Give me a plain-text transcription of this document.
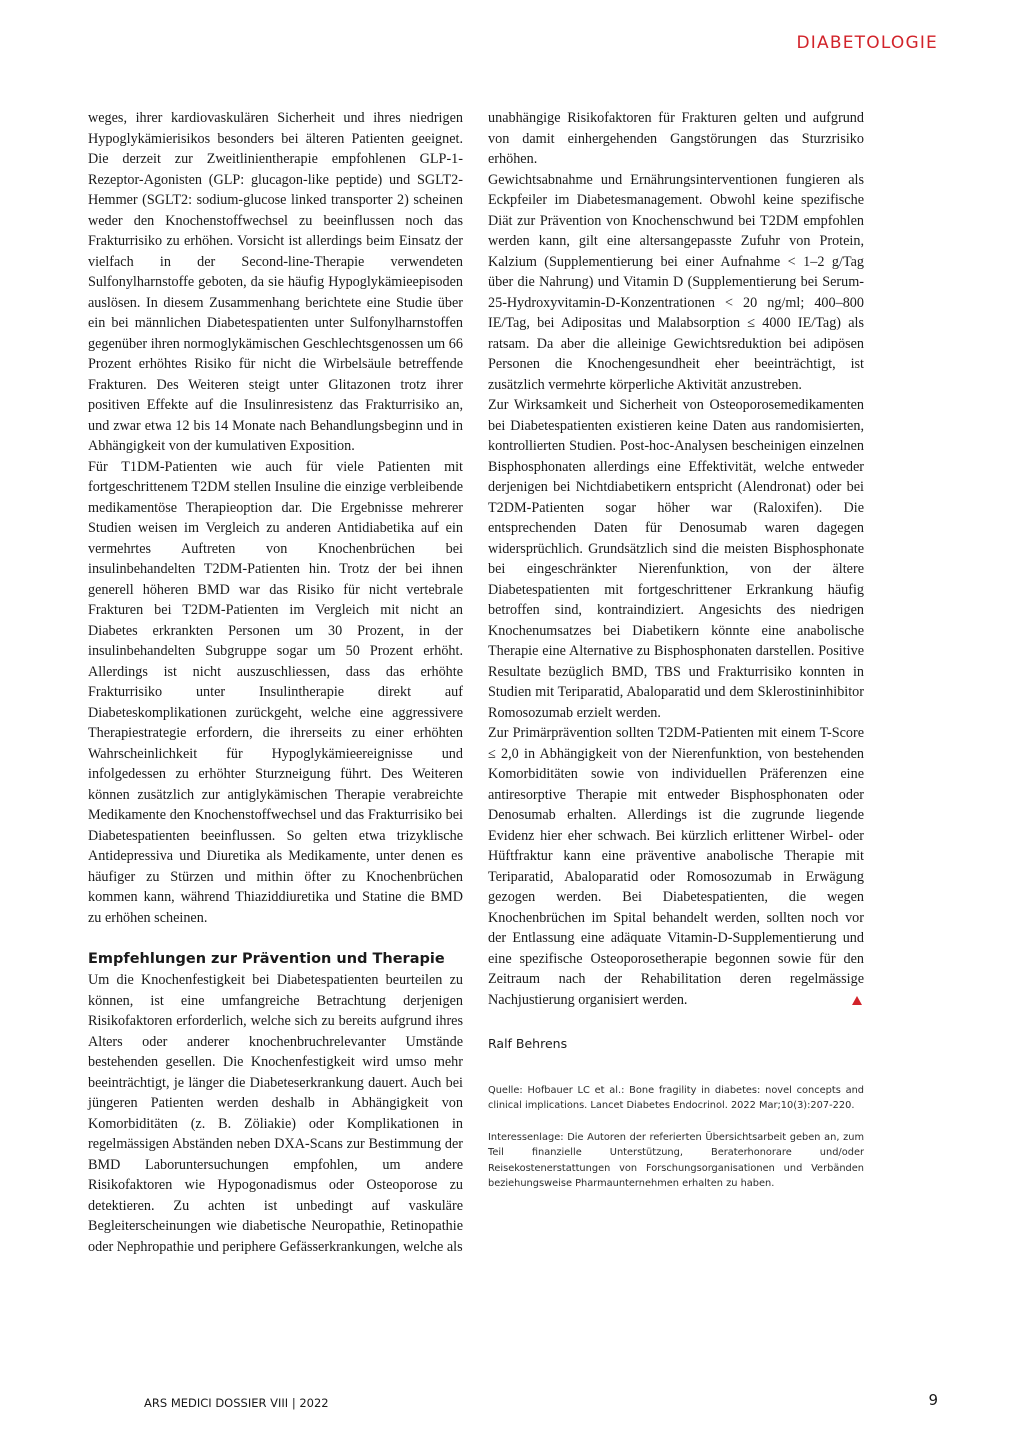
DIABETOLOGIE

weges, ihrer kardiovaskulären Sicherheit und ihres niedrigen Hypoglykämierisikos besonders bei älteren Patienten geeignet. Die derzeit zur Zweitlinientherapie empfohlenen GLP-1-Rezeptor-Agonisten (GLP: glucagon-like peptide) und SGLT2-Hemmer (SGLT2: sodium-glucose linked transporter 2) scheinen weder den Knochenstoffwechsel zu beeinflussen noch das Frakturrisiko zu erhöhen. Vorsicht ist allerdings beim Einsatz der vielfach in der Second-line-Therapie verwendeten Sulfonylharnstoffe geboten, da sie häufig Hypoglykämieepisoden auslösen. In diesem Zusammenhang berichtete eine Studie über ein bei männlichen Diabetespatienten unter Sulfonylharnstoffen gegenüber ihren normoglykämischen Geschlechtsgenossen um 66 Prozent erhöhtes Risiko für nicht die Wirbelsäule betreffende Frakturen. Des Weiteren steigt unter Glitazonen trotz ihrer positiven Effekte auf die Insulinresistenz das Frakturrisiko an, und zwar etwa 12 bis 14 Monate nach Behandlungsbeginn und in Abhängigkeit von der kumulativen Exposition.

Für T1DM-Patienten wie auch für viele Patienten mit fortgeschrittenem T2DM stellen Insuline die einzige verbleibende medikamentöse Therapieoption dar. Die Ergebnisse mehrerer Studien weisen im Vergleich zu anderen Antidiabetika auf ein vermehrtes Auftreten von Knochenbrüchen bei insulinbehandelten T2DM-Patienten hin. Trotz der bei ihnen generell höheren BMD war das Risiko für nicht vertebrale Frakturen bei T2DM-Patienten im Vergleich mit nicht an Diabetes erkrankten Personen um 30 Prozent, in der insulinbehandelten Subgruppe sogar um 50 Prozent erhöht. Allerdings ist nicht auszuschliessen, dass das erhöhte Frakturrisiko unter Insulintherapie direkt auf Diabeteskomplikationen zurückgeht, welche eine aggressivere Therapiestrategie erfordern, die ihrerseits zu einer erhöhten Wahrscheinlichkeit für Hypoglykämieereignisse und infolgedessen zu erhöhter Sturzneigung führt. Des Weiteren können zusätzlich zur antiglykämischen Therapie verabreichte Medikamente den Knochenstoffwechsel und das Frakturrisiko bei Diabetespatienten beeinflussen. So gelten etwa trizyklische Antidepressiva und Diuretika als Medikamente, unter denen es häufiger zu Stürzen und mithin öfter zu Knochenbrüchen kommen kann, während Thiaziddiuretika und Statine die BMD zu erhöhen scheinen.

Empfehlungen zur Prävention und Therapie

Um die Knochenfestigkeit bei Diabetespatienten beurteilen zu können, ist eine umfangreiche Betrachtung derjenigen Risikofaktoren erforderlich, welche sich zu bereits aufgrund ihres Alters oder anderer knochenbruchrelevanter Umstände bestehenden gesellen. Die Knochenfestigkeit wird umso mehr beeinträchtigt, je länger die Diabeteserkrankung dauert. Auch bei jüngeren Patienten werden deshalb in Abhängigkeit von Komorbiditäten (z. B. Zöliakie) oder Komplikationen in regelmässigen Abständen neben DXA-Scans zur Bestimmung der BMD Laboruntersuchungen empfohlen, um andere Risikofaktoren wie Hypogonadismus oder Osteoporose zu detektieren. Zu achten ist unbedingt auf vaskuläre Begleiterscheinungen wie diabetische Neuropathie, Retinopathie oder Nephropathie und periphere Gefässerkrankungen, welche als

unabhängige Risikofaktoren für Frakturen gelten und aufgrund von damit einhergehenden Gangstörungen das Sturzrisiko erhöhen.

Gewichtsabnahme und Ernährungsinterventionen fungieren als Eckpfeiler im Diabetesmanagement. Obwohl keine spezifische Diät zur Prävention von Knochenschwund bei T2DM empfohlen werden kann, gilt eine altersangepasste Zufuhr von Protein, Kalzium (Supplementierung bei einer Aufnahme < 1–2 g/Tag über die Nahrung) und Vitamin D (Supplementierung bei Serum-25-Hydroxyvitamin-D-Konzentrationen < 20 ng/ml; 400–800 IE/Tag, bei Adipositas und Malabsorption ≤ 4000 IE/Tag) als ratsam. Da aber die alleinige Gewichtsreduktion bei adipösen Personen die Knochengesundheit eher beeinträchtigt, ist zusätzlich vermehrte körperliche Aktivität anzustreben.

Zur Wirksamkeit und Sicherheit von Osteoporosemedikamenten bei Diabetespatienten existieren keine Daten aus randomisierten, kontrollierten Studien. Post-hoc-Analysen bescheinigen einzelnen Bisphosphonaten allerdings eine Effektivität, welche entweder derjenigen bei Nichtdiabetikern entspricht (Alendronat) oder bei T2DM-Patienten sogar höher war (Raloxifen). Die entsprechenden Daten für Denosumab waren dagegen widersprüchlich. Grundsätzlich sind die meisten Bisphosphonate bei eingeschränkter Nierenfunktion, von der ältere Diabetespatienten mit fortgeschrittener Erkrankung häufig betroffen sind, kontraindiziert. Angesichts des niedrigen Knochenumsatzes bei Diabetikern könnte eine anabolische Therapie eine Alternative zu Bisphosphonaten darstellen. Positive Resultate bezüglich BMD, TBS und Frakturrisiko konnten in Studien mit Teriparatid, Abaloparatid und dem Sklerostininhibitor Romosozumab erzielt werden.

Zur Primärprävention sollten T2DM-Patienten mit einem T-Score ≤ 2,0 in Abhängigkeit von der Nierenfunktion, von bestehenden Komorbiditäten sowie von individuellen Präferenzen eine antiresorptive Therapie mit entweder Bisphosphonaten oder Denosumab erhalten. Allerdings ist die zugrunde liegende Evidenz hier eher schwach. Bei kürzlich erlittener Wirbel- oder Hüftfraktur kann eine präventive anabolische Therapie mit Teriparatid, Abaloparatid oder Romosozumab in Erwägung gezogen werden. Bei Diabetespatienten, die wegen Knochenbrüchen im Spital behandelt werden, sollten noch vor der Entlassung eine adäquate Vitamin-D-Supplementierung und eine spezifische Osteoporosetherapie begonnen sowie für den Zeitraum nach der Rehabilitation deren regelmässige Nachjustierung organisiert werden.

Ralf Behrens
Quelle: Hofbauer LC et al.: Bone fragility in diabetes: novel concepts and clinical implications. Lancet Diabetes Endocrinol. 2022 Mar;10(3):207-220.
Interessenlage: Die Autoren der referierten Übersichtsarbeit geben an, zum Teil finanzielle Unterstützung, Beraterhonorare und/oder Reisekostenerstattungen von Forschungsorganisationen und Verbänden beziehungsweise Pharmaunternehmen erhalten zu haben.
ARS MEDICI DOSSIER VIII | 2022	9
